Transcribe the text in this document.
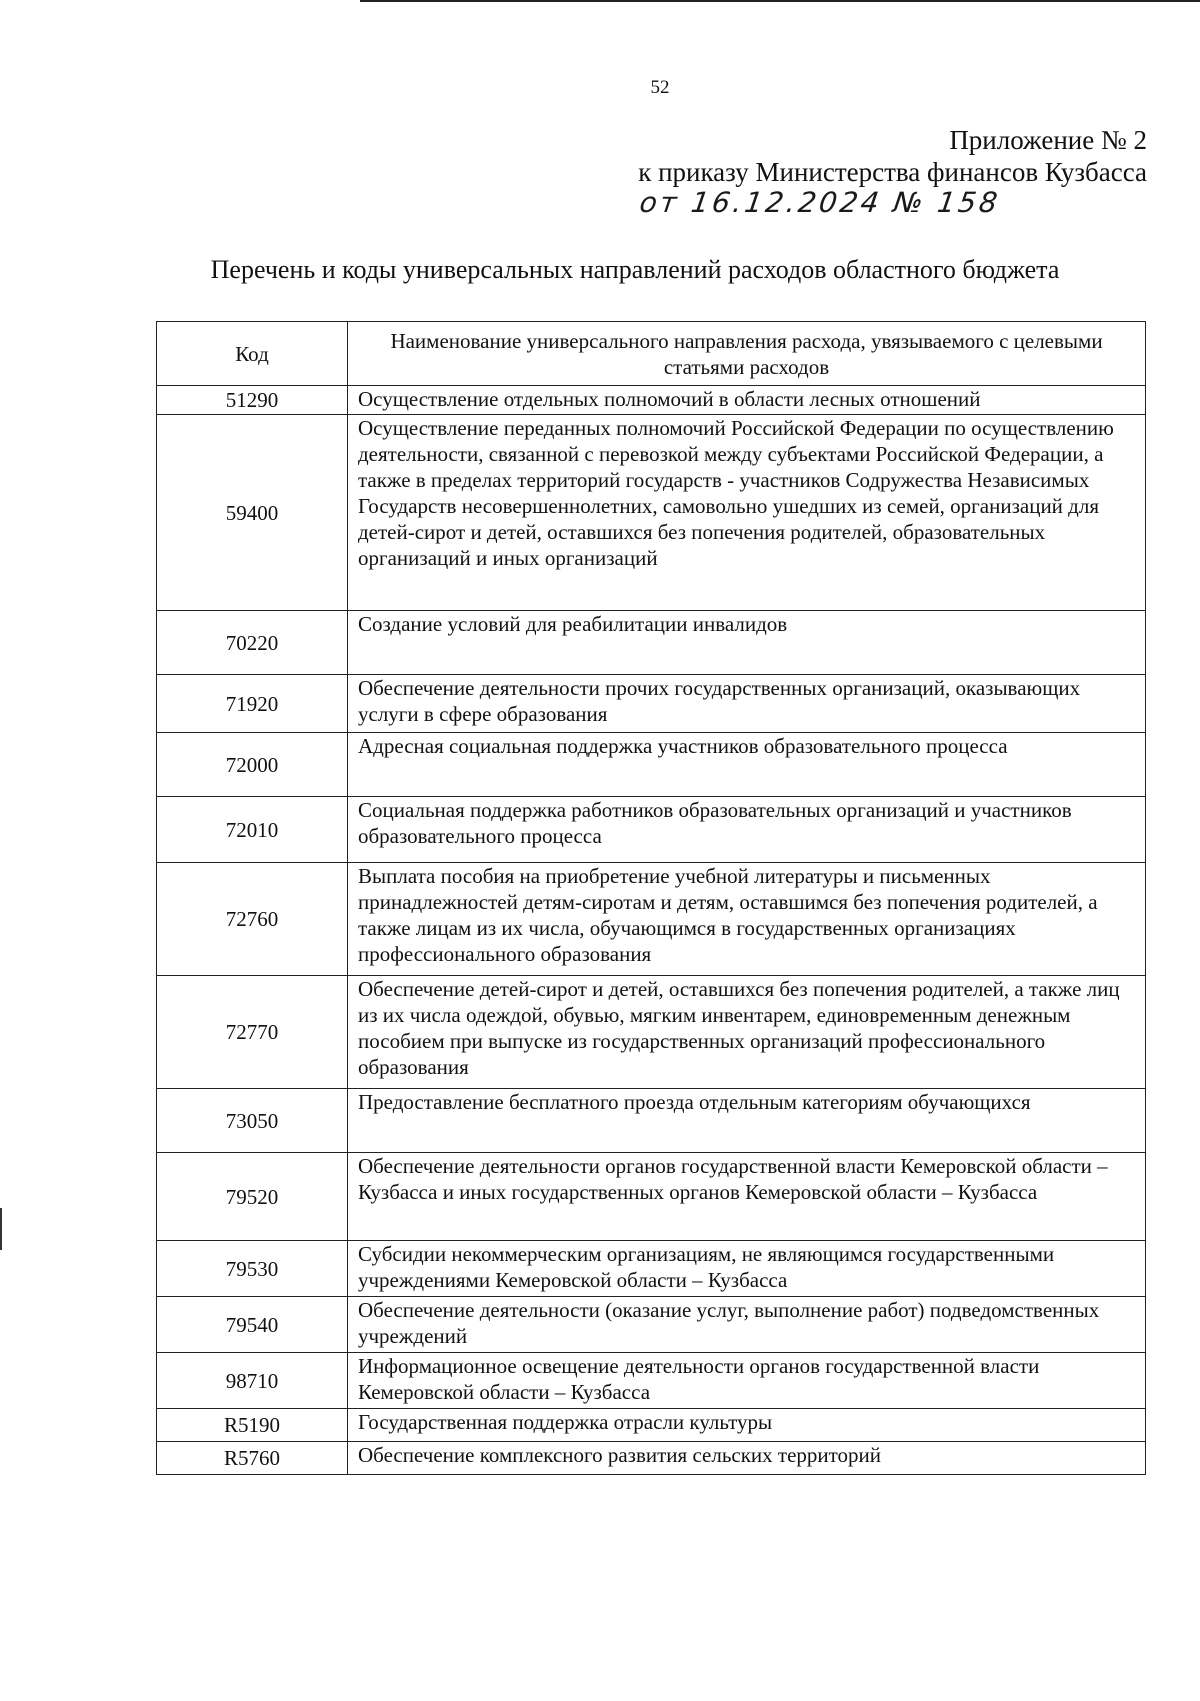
52
Приложение № 2
к приказу Министерства финансов Кузбасса
от 16.12.2024 № 158
Перечень и коды универсальных направлений расходов областного бюджета
Код	Наименование универсального направления расхода, увязываемого с целевыми статьями расходов
51290	Осуществление отдельных полномочий в области лесных отношений
59400	Осуществление переданных полномочий Российской Федерации по осуществлению деятельности, связанной с перевозкой между субъектами Российской Федерации, а также в пределах территорий государств - участников Содружества Независимых Государств несовершеннолетних, самовольно ушедших из семей, организаций для детей-сирот и детей, оставшихся без попечения родителей, образовательных организаций и иных организаций
70220	Создание условий для реабилитации инвалидов
71920	Обеспечение деятельности прочих государственных организаций, оказывающих услуги в сфере образования
72000	Адресная социальная поддержка участников образовательного процесса
72010	Социальная поддержка работников образовательных организаций и участников образовательного процесса
72760	Выплата пособия на приобретение учебной литературы и письменных принадлежностей детям-сиротам и детям, оставшимся без попечения родителей, а также лицам из их числа, обучающимся в государственных организациях профессионального образования
72770	Обеспечение детей-сирот и детей, оставшихся без попечения родителей, а также лиц из их числа одеждой, обувью, мягким инвентарем, единовременным денежным пособием при выпуске из государственных организаций профессионального образования
73050	Предоставление бесплатного проезда отдельным категориям обучающихся
79520	Обеспечение деятельности органов государственной власти Кемеровской области – Кузбасса и иных государственных органов Кемеровской области – Кузбасса
79530	Субсидии некоммерческим организациям, не являющимся государственными учреждениями Кемеровской области – Кузбасса
79540	Обеспечение деятельности (оказание услуг, выполнение работ) подведомственных учреждений
98710	Информационное освещение деятельности органов государственной власти Кемеровской области – Кузбасса
R5190	Государственная поддержка отрасли культуры
R5760	Обеспечение комплексного развития сельских территорий
